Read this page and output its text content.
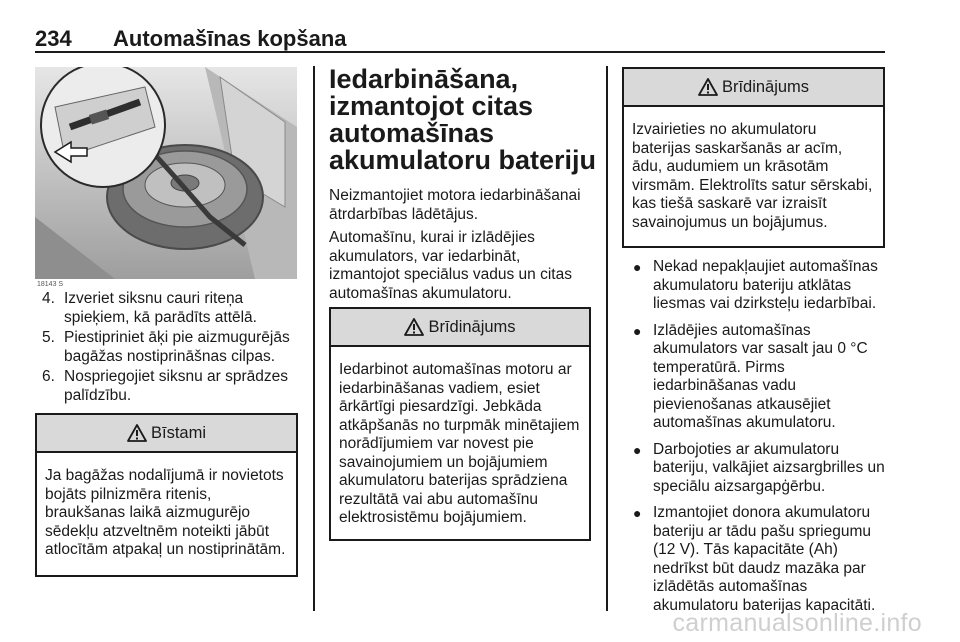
234 Automašīnas kopšana
18143 S
4. Izveriet siksnu cauri riteņa spieķiem, kā parādīts attēlā.
5. Piestipriniet āķi pie aizmugurējās bagāžas nostiprināšnas cilpas.
6. Nospriegojiet siksnu ar sprādzes palīdzību.
Bīstami
Ja bagāžas nodalījumā ir novietots bojāts pilnizmēra ritenis, braukšanas laikā aizmugurējo sēdekļu atzveltnēm noteikti jābūt atlocītām atpakaļ un nostiprinātām.
Iedarbināšana, izmantojot citas automašīnas akumulatoru bateriju
Neizmantojiet motora iedarbināšanai ātrdarbības lādētājus.
Automašīnu, kurai ir izlādējies akumulators, var iedarbināt, izmantojot speciālus vadus un citas automašīnas akumulatoru.
Brīdinājums
Iedarbinot automašīnas motoru ar iedarbināšanas vadiem, esiet ārkārtīgi piesardzīgi. Jebkāda atkāpšanās no turpmāk minētajiem norādījumiem var novest pie savainojumiem un bojājumiem akumulatoru baterijas sprādziena rezultātā vai abu automašīnu elektrosistēmu bojājumiem.
Brīdinājums
Izvairieties no akumulatoru baterijas saskaršanās ar acīm, ādu, audumiem un krāsotām virsmām. Elektrolīts satur sērskabi, kas tiešā saskarē var izraisīt savainojumus un bojājumus.
● Nekad nepakļaujiet automašīnas akumulatoru bateriju atklātas liesmas vai dzirksteļu iedarbībai.
● Izlādējies automašīnas akumulators var sasalt jau 0 °C temperatūrā. Pirms iedarbināšanas vadu pievienošanas atkausējiet automašīnas akumulatoru.
● Darbojoties ar akumulatoru bateriju, valkājiet aizsargbrilles un speciālu aizsargapģērbu.
● Izmantojiet donora akumulatoru bateriju ar tādu pašu spriegumu (12 V). Tās kapacitāte (Ah) nedrīkst būt daudz mazāka par izlādētās automašīnas akumulatoru baterijas kapacitāti.
carmanualsonline.info
